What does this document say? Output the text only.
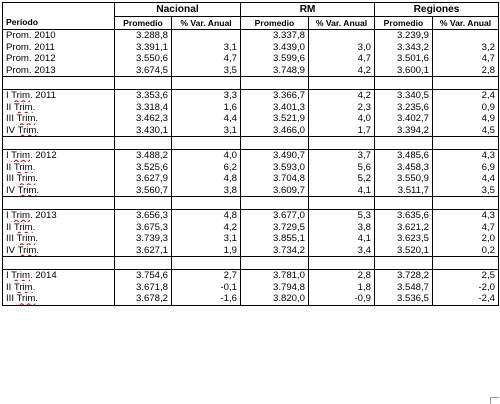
	Nacional		RM		Regiones	
Período	Promedio	% Var. Anual	Promedio	% Var. Anual	Promedio	% Var. Anual
Prom. 2010	3.288,8		3.337,8		3.239,9	
Prom. 2011	3.391,1	3,1	3.439,0	3,0	3.343,2	3,2
Prom. 2012	3.550,6	4,7	3.599,6	4,7	3.501,6	4,7
Prom. 2013	3.674,5	3,5	3.748,9	4,2	3.600,1	2,8

I Trim. 2011	3.353,6	3,3	3.366,7	4,2	3.340,5	2,4
II Trim.	3.318,4	1,6	3.401,3	2,3	3.235,6	0,9
III Trim.	3.462,3	4,4	3.521,9	4,0	3.402,7	4,9
IV Trim.	3.430,1	3,1	3.466,0	1,7	3.394,2	4,5

I Trim. 2012	3.488,2	4,0	3.490,7	3,7	3.485,6	4,3
II Trim.	3.525,6	6,2	3.593,0	5,6	3.458,3	6,9
III Trim.	3.627,9	4,8	3.704,8	5,2	3.550,9	4,4
IV Trim.	3.560,7	3,8	3.609,7	4,1	3.511,7	3,5

I Trim. 2013	3.656,3	4,8	3.677,0	5,3	3.635,6	4,3
II Trim.	3.675,3	4,2	3.729,5	3,8	3.621,2	4,7
III Trim.	3.739,3	3,1	3.855,1	4,1	3.623,5	2,0
IV Trim.	3.627,1	1,9	3.734,2	3,4	3.520,1	0,2

I Trim. 2014	3.754,6	2,7	3.781,0	2,8	3.728,2	2,5
II Trim.	3.671,8	-0,1	3.794,8	1,8	3.548,7	-2,0
III Trim.	3.678,2	-1,6	3.820,0	-0,9	3.536,5	-2,4
